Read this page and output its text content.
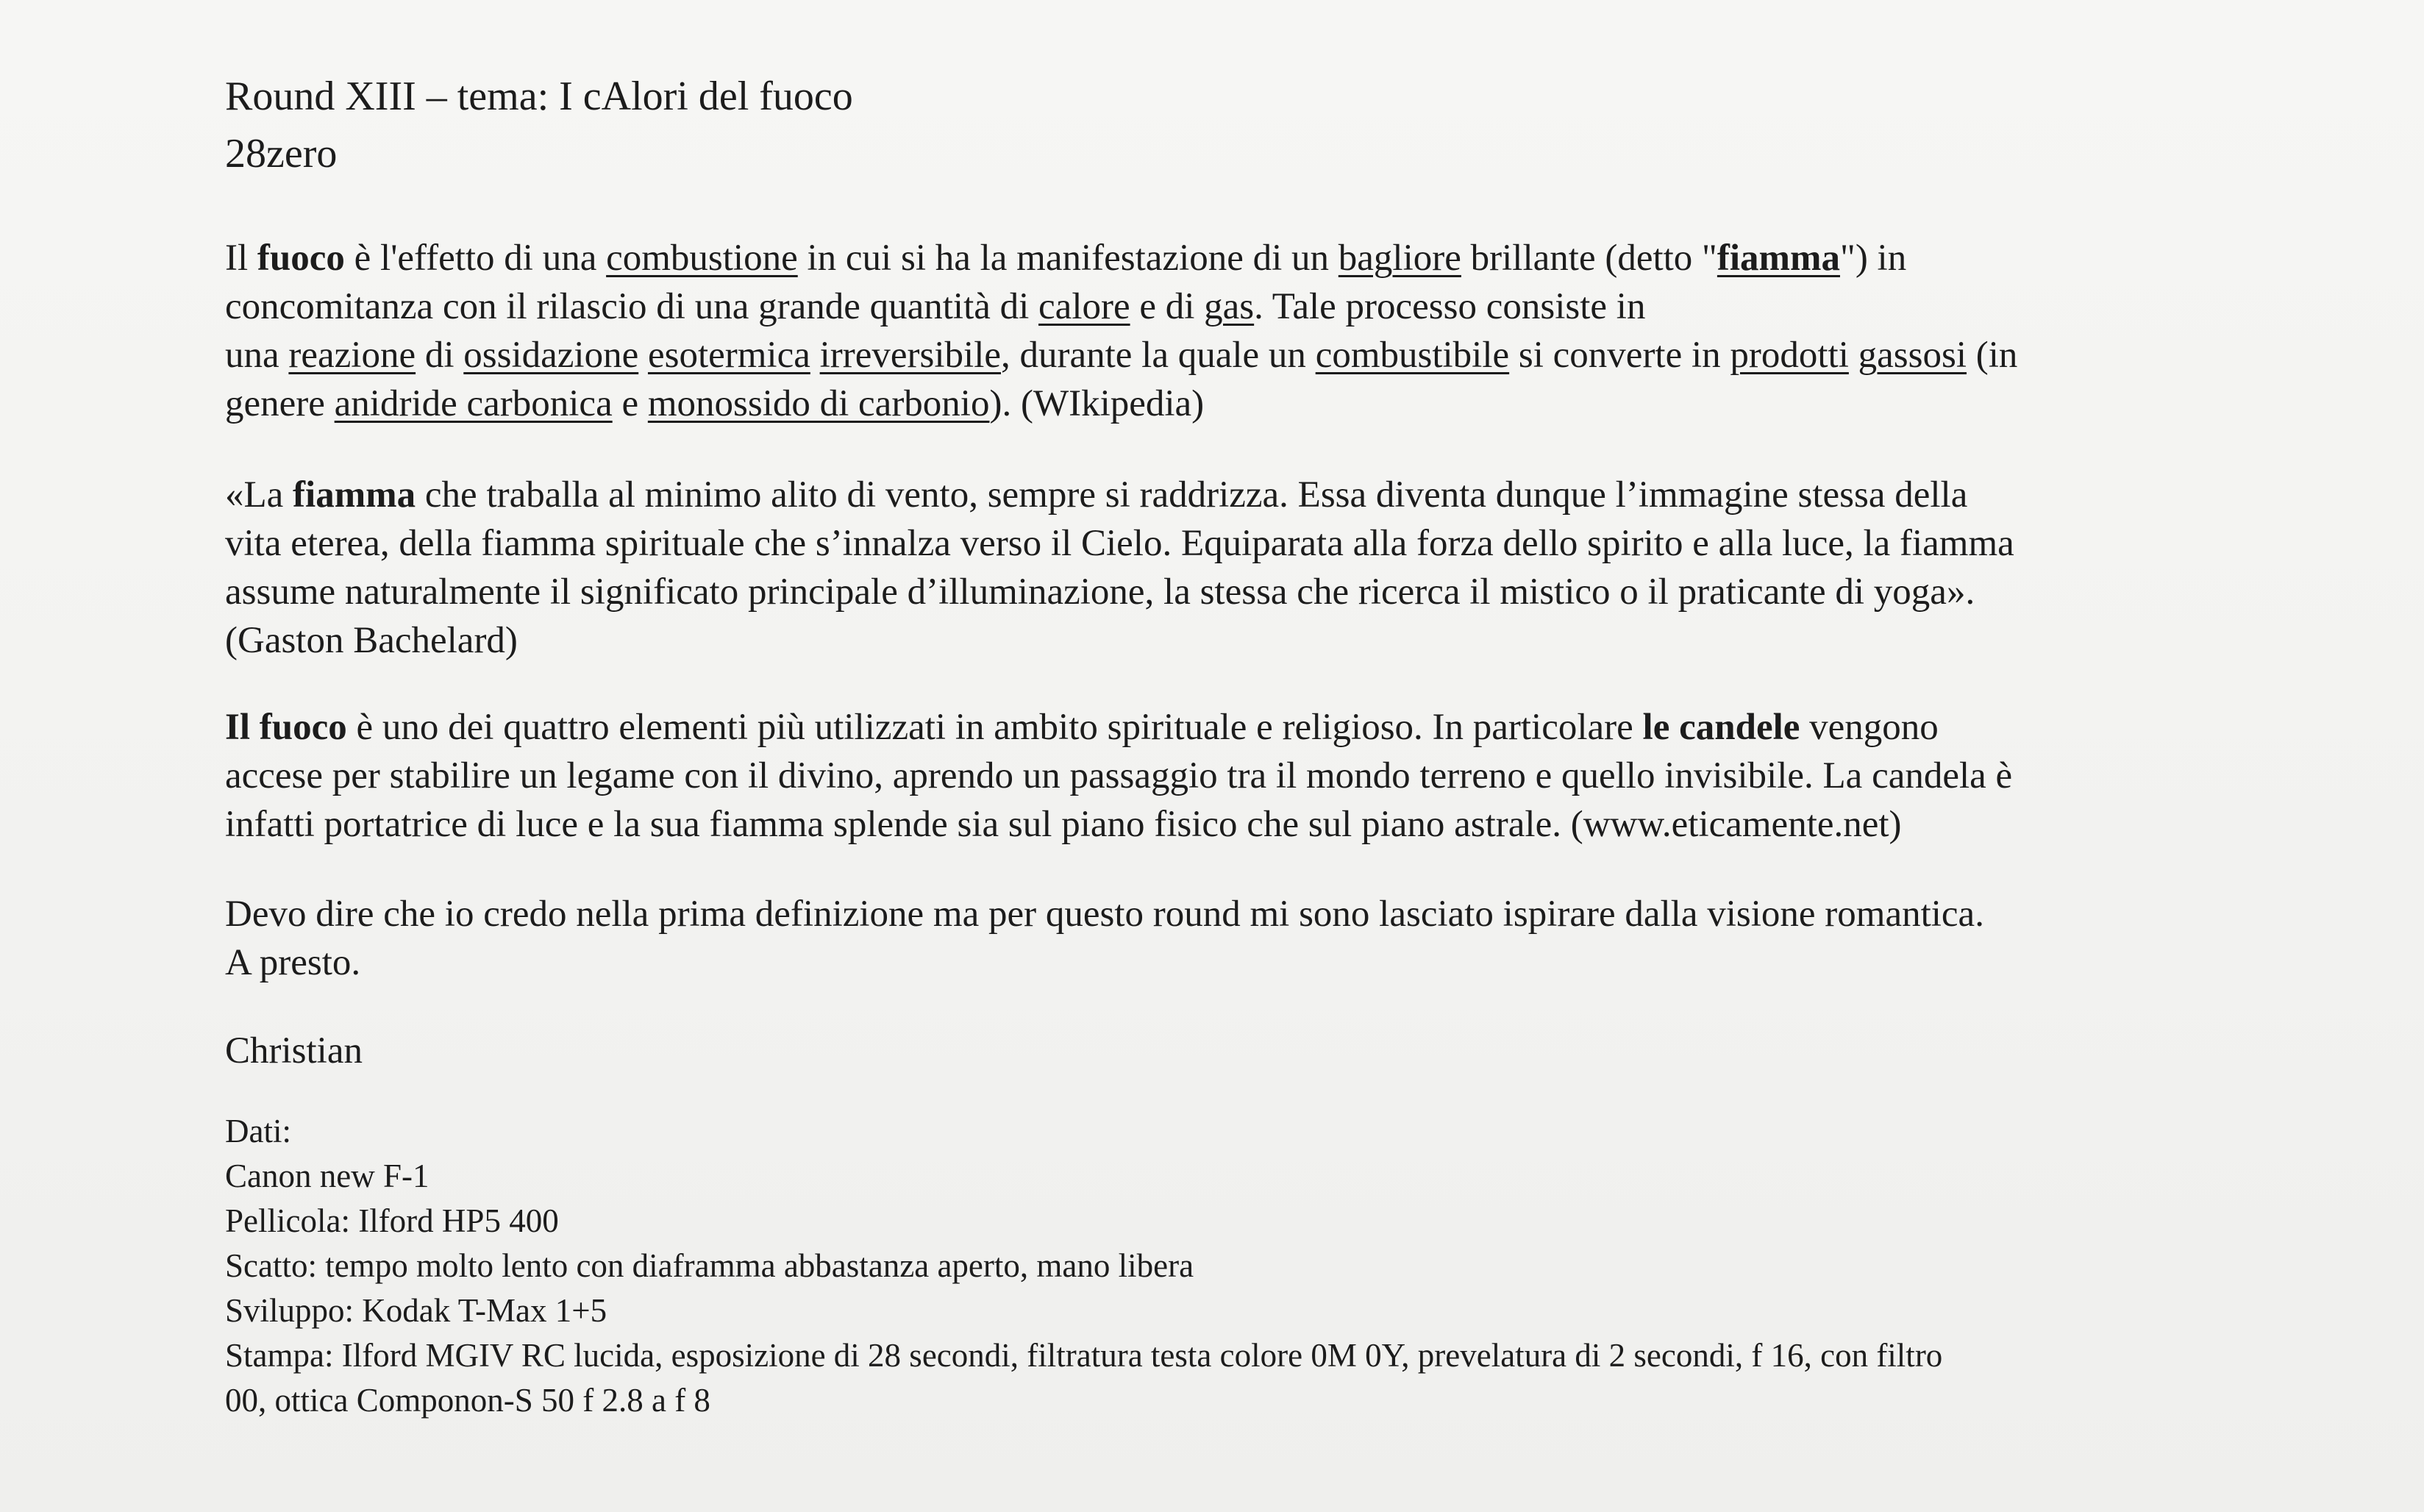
Round XIII – tema: I cAlori del fuoco
28zero
Il fuoco è l'effetto di una combustione in cui si ha la manifestazione di un bagliore brillante (detto "fiamma") in
concomitanza con il rilascio di una grande quantità di calore e di gas. Tale processo consiste in
una reazione di ossidazione esotermica irreversibile, durante la quale un combustibile si converte in prodotti gassosi (in
genere anidride carbonica e monossido di carbonio). (WIkipedia)
«La fiamma che traballa al minimo alito di vento, sempre si raddrizza. Essa diventa dunque l’immagine stessa della
vita eterea, della fiamma spirituale che s’innalza verso il Cielo. Equiparata alla forza dello spirito e alla luce, la fiamma
assume naturalmente il significato principale d’illuminazione, la stessa che ricerca il mistico o il praticante di yoga».
(Gaston Bachelard)
Il fuoco è uno dei quattro elementi più utilizzati in ambito spirituale e religioso. In particolare le candele vengono
accese per stabilire un legame con il divino, aprendo un passaggio tra il mondo terreno e quello invisibile. La candela è
infatti portatrice di luce e la sua fiamma splende sia sul piano fisico che sul piano astrale. (www.eticamente.net)
Devo dire che io credo nella prima definizione ma per questo round mi sono lasciato ispirare dalla visione romantica.
A presto.
Christian
Dati:
Canon new F-1
Pellicola: Ilford HP5 400
Scatto: tempo molto lento con diaframma abbastanza aperto, mano libera
Sviluppo: Kodak T-Max 1+5
Stampa: Ilford MGIV RC lucida, esposizione di 28 secondi, filtratura testa colore 0M 0Y, prevelatura di 2 secondi, f 16, con filtro
00, ottica Componon-S 50 f 2.8 a f 8
